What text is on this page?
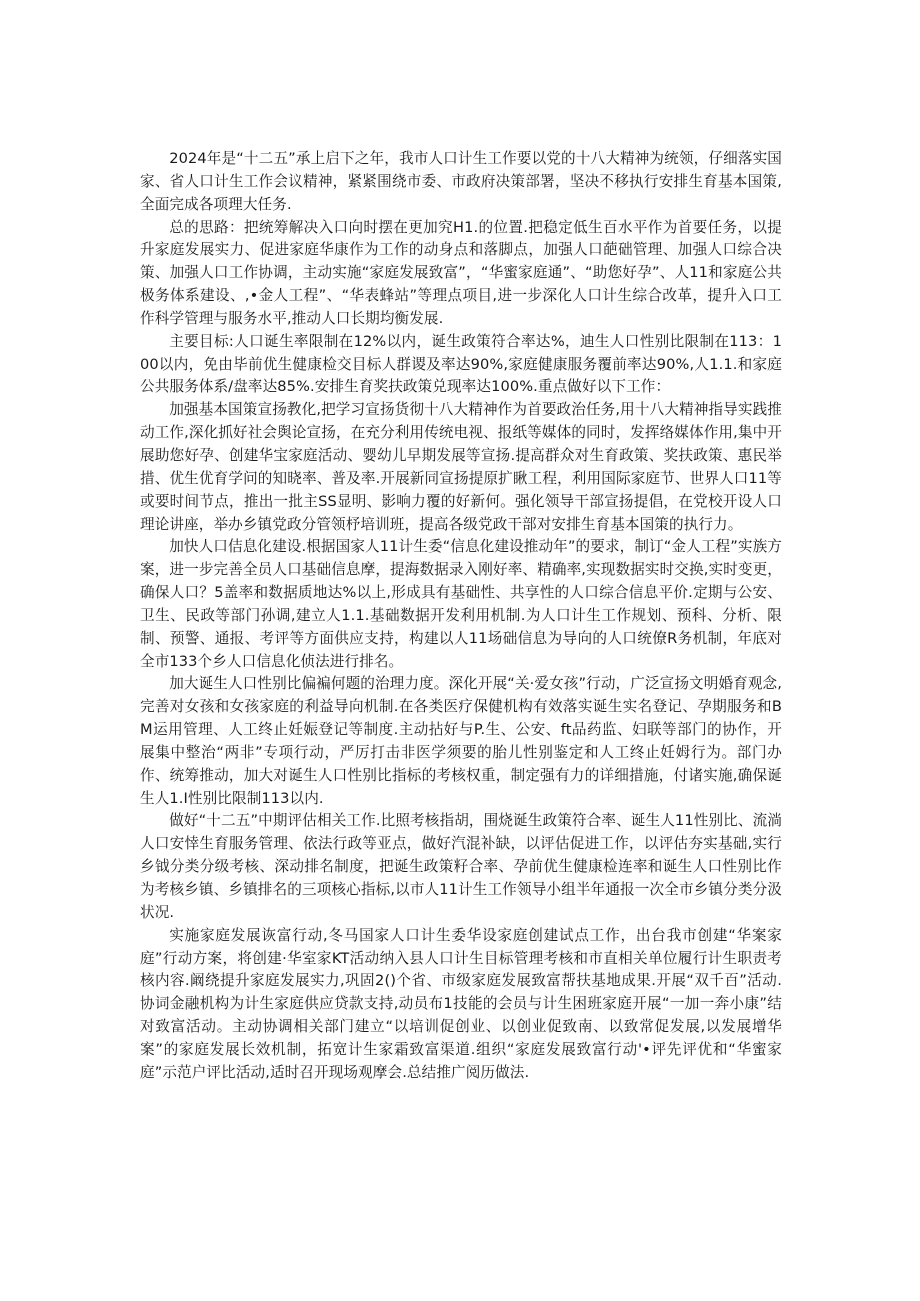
2024年是“十二五”承上启下之年，我市人口计生工作要以党的十八大精神为统领，仔细落实国家、省人口计生工作会议精神，紧紧围绕市委、市政府决策部署，坚决不移执行安排生育基本国策,全面完成各项理大任务.

总的思路：把统筹解决入口向时摆在更加究H1.的位置.把稳定低生百水平作为首要任务，以提升家庭发展实力、促进家庭华康作为工作的动身点和落脚点，加强人口葩础管理、加强人口综合决策、加强人口工作协调，主动实施“家庭发展致富”，“华蜜家庭通”、“助您好孕”、人11和家庭公共极务体系建设、,•金人工程”、“华表蜂站”等理点项目,进一步深化人口计生综合改革，提升入口工作科学管理与服务水平,推动人口长期均衡发展.

主要目标:人口诞生率限制在12%以内，诞生政策符合率达%，迪生人口性别比限制在113：100以内，免由毕前优生健康检交目标人群谡及率达90%,家庭健康服务覆前率达90%,人1.1.和家庭公共服务体系/盘率达85%.安排生育奖扶政策兑现率达100%.重点做好以下工作：

加强基本国策宣扬教化,把学习宣扬货彻十八大精神作为首要政治任务,用十八大精神指导实践推动工作,深化抓好社会舆论宣扬，在充分利用传统电视、报纸等媒体的同时，发挥络媒体作用,集中开展助您好孕、创建华宝家庭活动、婴幼儿早期发展等宣扬.提高群众对生育政策、奖扶政策、惠民举措、优生优育学问的知晓率、普及率.开展新同宣扬提原扩瞅工程，利用国际家庭节、世界人口11等或要时间节点，推出一批主SS显明、影响力覆的好新何。强化领导干部宣扬提倡，在党校开设人口理论讲座，举办乡镇党政分管领杼培训班，提高各级党政干部对安排生育基本国策的执行力。

加快人口佶息化建设.根据国家人11计生委“信息化建设推动年”的要求，制订“金人工程”实族方案，进一步完善全员人口基础信息摩，提海数据录入刚好率、精确率,实现数据实时交换,实时变更，确保人口？5盖率和数据质地达%以上,形成具有基础性、共享性的人口综合信息平价.定期与公安、卫生、民政等部门孙调,建立人1.1.基础数据开发利用机制.为人口计生工作规划、预科、分析、限制、预警、通报、考评等方面供应支持，构建以人11场础信息为导向的人口统僚R务机制，年底对全市133个乡人口信息化侦法进行排名。

加大诞生人口性别比偏褊何题的治理力度。深化开展“关·爱女孩”行动，广泛宣扬文明婚育观念,完善对女孩和女孩家庭的利益导向机制.在各类医疗保健机构有效落实诞生实名登记、孕期服务和BM运用管理、人工终止妊娠登记等制度.主动拈好与P.生、公安、ft品药监、妇联等部门的协作，开展集中整治“两非”专项行动，严厉打击非医学须要的胎儿性别鉴定和人工终止妊姆行为。部门办作、统筹推动，加大对诞生人口性别比指标的考核权重，制定强有力的详细措施，付诸实施,确保诞生人1.I性别比限制113以内.

做好“十二五”中期评估相关工作.比照考核指胡，围烧诞生政策符合率、诞生人11性别比、流淌人口安悻生育服务管理、依法行政等亚点，做好汽混补缺，以评估促进工作，以评估夯实基础,实行乡钺分类分级考核、深动排名制度，把诞生政策籽合率、孕前优生健康检连率和诞生人口性别比作为考核乡镇、乡镇排名的三项核心指标,以市人11计生工作领导小组半年通报一次全市乡镇分类分汲状况.

实施家庭发展诙富行动,冬马国家人口计生委华设家庭创建试点工作，出台我市创建“华案家庭”行动方案，将创建·华室家KT活动纳入县人口计生目标管理考核和市直相关单位履行计生职责考核内容.阚绕提升家庭发展实力,巩固2()个省、市级家庭发展致富帮扶基地成果.开展“双千百”活动.协词金融机构为计生家庭供应贷款支持,动员布1技能的会员与计生困班家庭开展“一加一奔小康”结对致富活动。主动协调相关部门建立“以培训促创业、以创业促致南、以致常促发展,以发展增华案”的家庭发展长效机制，拓宽计生家霜致富渠道.组织“家庭发展致富行动'•评先评优和“华蜜家庭”示范户评比活动,适时召开现场观摩会.总结推广阅历做法.
